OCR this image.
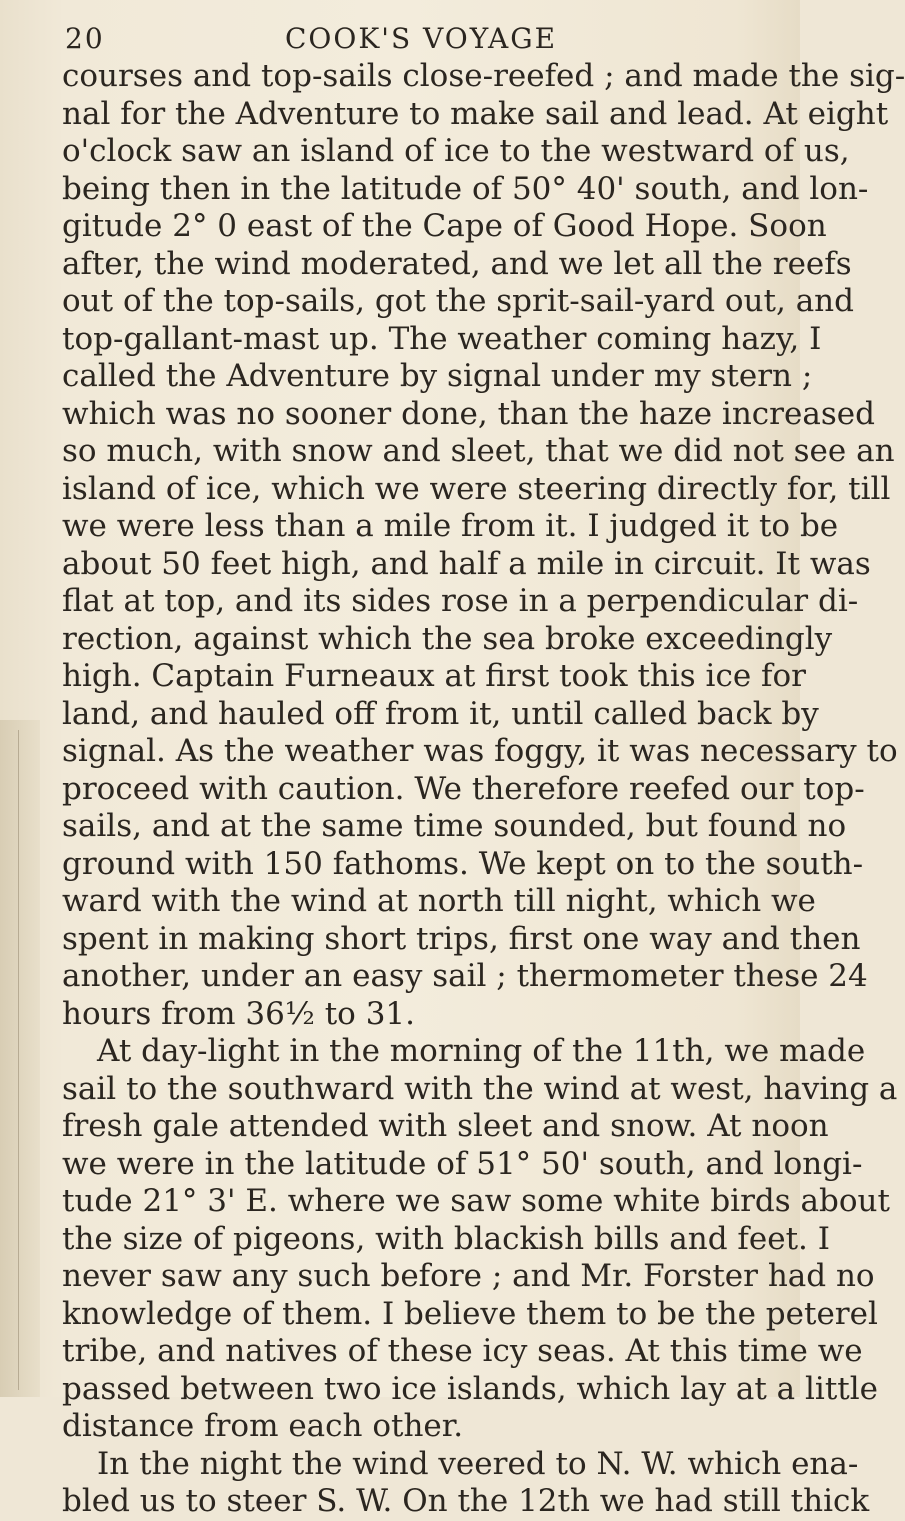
20	COOK'S VOYAGE
courses and top-sails close-reefed ; and made the sig-
nal for the Adventure to make sail and lead. At eight
o'clock saw an island of ice to the westward of us,
being then in the latitude of 50° 40' south, and lon-
gitude 2° 0 east of the Cape of Good Hope. Soon
after, the wind moderated, and we let all the reefs
out of the top-sails, got the sprit-sail-yard out, and
top-gallant-mast up. The weather coming hazy, I
called the Adventure by signal under my stern ;
which was no sooner done, than the haze increased
so much, with snow and sleet, that we did not see an
island of ice, which we were steering directly for, till
we were less than a mile from it. I judged it to be
about 50 feet high, and half a mile in circuit. It was
flat at top, and its sides rose in a perpendicular di-
rection, against which the sea broke exceedingly
high. Captain Furneaux at first took this ice for
land, and hauled off from it, until called back by
signal. As the weather was foggy, it was necessary to
proceed with caution. We therefore reefed our top-
sails, and at the same time sounded, but found no
ground with 150 fathoms. We kept on to the south-
ward with the wind at north till night, which we
spent in making short trips, first one way and then
another, under an easy sail ; thermometer these 24
hours from 36½ to 31.
At day-light in the morning of the 11th, we made
sail to the southward with the wind at west, having a
fresh gale attended with sleet and snow. At noon
we were in the latitude of 51° 50' south, and longi-
tude 21° 3' E. where we saw some white birds about
the size of pigeons, with blackish bills and feet. I
never saw any such before ; and Mr. Forster had no
knowledge of them. I believe them to be the peterel
tribe, and natives of these icy seas. At this time we
passed between two ice islands, which lay at a little
distance from each other.
In the night the wind veered to N. W. which ena-
bled us to steer S. W. On the 12th we had still thick
